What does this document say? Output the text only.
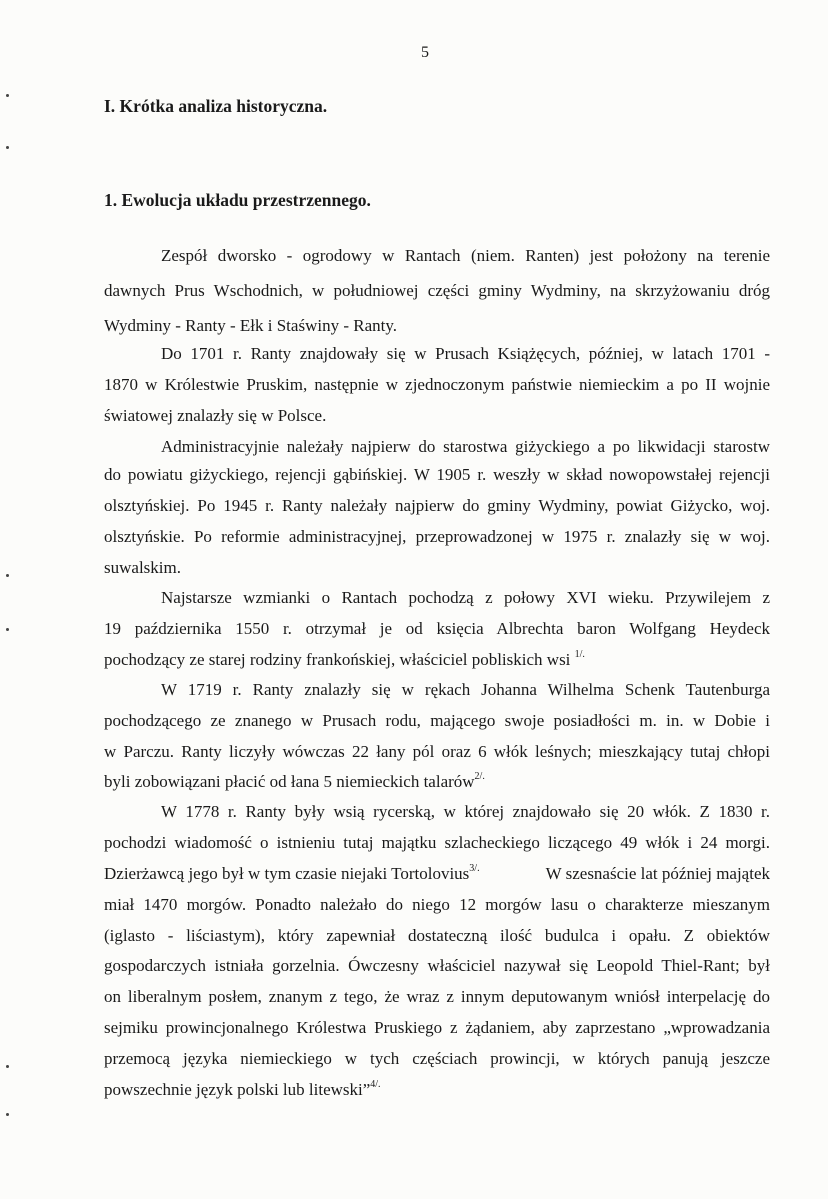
5
I. Krótka analiza historyczna.
1. Ewolucja układu przestrzennego.
Zespół dworsko - ogrodowy w Rantach (niem. Ranten) jest położony na terenie
dawnych Prus Wschodnich, w południowej części gminy Wydminy, na skrzyżowaniu dróg
Wydminy - Ranty - Ełk i Staświny - Ranty.
Do 1701 r. Ranty znajdowały się w Prusach Książęcych, później, w latach 1701 -
1870 w Królestwie Pruskim, następnie w zjednoczonym państwie niemieckim a po II wojnie
światowej znalazły się w Polsce.
Administracyjnie należały najpierw do starostwa giżyckiego a po likwidacji starostw
do powiatu giżyckiego, rejencji gąbińskiej. W 1905 r. weszły w skład nowopowstałej rejencji
olsztyńskiej. Po 1945 r. Ranty należały najpierw do gminy Wydminy, powiat Giżycko, woj.
olsztyńskie. Po reformie administracyjnej, przeprowadzonej w 1975 r. znalazły się w woj.
suwalskim.
Najstarsze wzmianki o Rantach pochodzą z połowy XVI wieku. Przywilejem z
19 października 1550 r. otrzymał je od księcia Albrechta baron Wolfgang Heydeck
pochodzący ze starej rodziny frankońskiej, właściciel pobliskich wsi $^{1/.}$
W 1719 r. Ranty znalazły się w rękach Johanna Wilhelma Schenk Tautenburga
pochodzącego ze znanego w Prusach rodu, mającego swoje posiadłości m. in. w Dobie i
w Parczu. Ranty liczyły wówczas 22 łany pól oraz 6 włók leśnych; mieszkający tutaj chłopi
byli zobowiązani płacić od łana 5 niemieckich talarów$^{2/.}$
W 1778 r. Ranty były wsią rycerską, w której znajdowało się 20 włók. Z 1830 r.
pochodzi wiadomość o istnieniu tutaj majątku szlacheckiego liczącego 49 włók i 24 morgi.
Dzierżawcą jego był w tym czasie niejaki Tortolovius$^{3/.}$	W szesnaście lat później majątek
miał 1470 morgów. Ponadto należało do niego 12 morgów lasu o charakterze mieszanym
(iglasto - liściastym), który zapewniał dostateczną ilość budulca i opału. Z obiektów
gospodarczych istniała gorzelnia. Ówczesny właściciel nazywał się Leopold Thiel-Rant; był
on liberalnym posłem, znanym z tego, że wraz z innym deputowanym wniósł interpelację do
sejmiku prowincjonalnego Królestwa Pruskiego z żądaniem, aby zaprzestano „wprowadzania
przemocą języka niemieckiego w tych częściach prowincji, w których panują jeszcze
powszechnie język polski lub litewski”$^{4/.}$
